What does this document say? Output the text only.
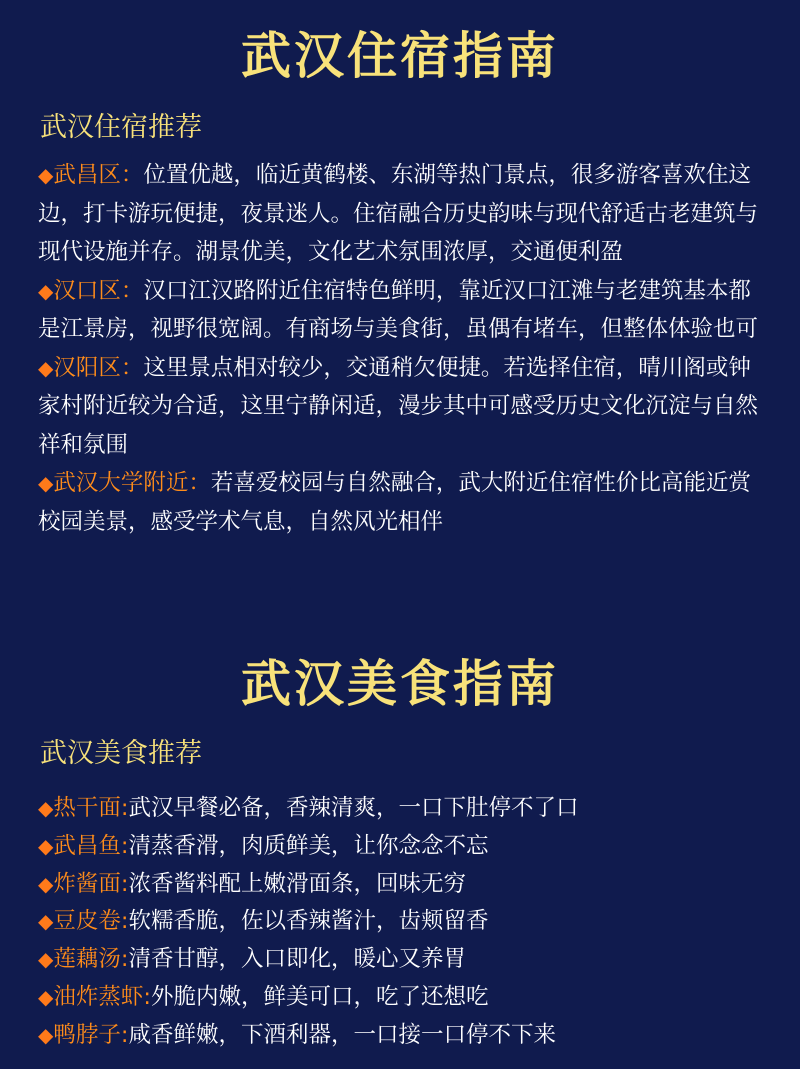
武汉住宿指南
武汉住宿推荐

◆武昌区：位置优越，临近黄鹤楼、东湖等热门景点，很多游客喜欢住这边，打卡游玩便捷，夜景迷人。住宿融合历史韵味与现代舒适古老建筑与现代设施并存。湖景优美，文化艺术氛围浓厚，交通便利盈

◆汉口区：汉口江汉路附近住宿特色鲜明，靠近汉口江滩与老建筑基本都是江景房，视野很宽阔。有商场与美食街，虽偶有堵车，但整体体验也可

◆汉阳区：这里景点相对较少，交通稍欠便捷。若选择住宿，晴川阁或钟家村附近较为合适，这里宁静闲适，漫步其中可感受历史文化沉淀与自然祥和氛围

◆武汉大学附近：若喜爱校园与自然融合，武大附近住宿性价比高能近赏校园美景，感受学术气息，自然风光相伴

武汉美食指南
武汉美食推荐
◆热干面:武汉早餐必备，香辣清爽，一口下肚停不了口
◆武昌鱼:清蒸香滑，肉质鲜美，让你念念不忘
◆炸酱面:浓香酱料配上嫩滑面条，回味无穷
◆豆皮卷:软糯香脆，佐以香辣酱汁，齿颊留香
◆莲藕汤:清香甘醇，入口即化，暖心又养胃
◆油炸蒸虾:外脆内嫩，鲜美可口，吃了还想吃
◆鸭脖子:咸香鲜嫩，下酒利器，一口接一口停不下来
